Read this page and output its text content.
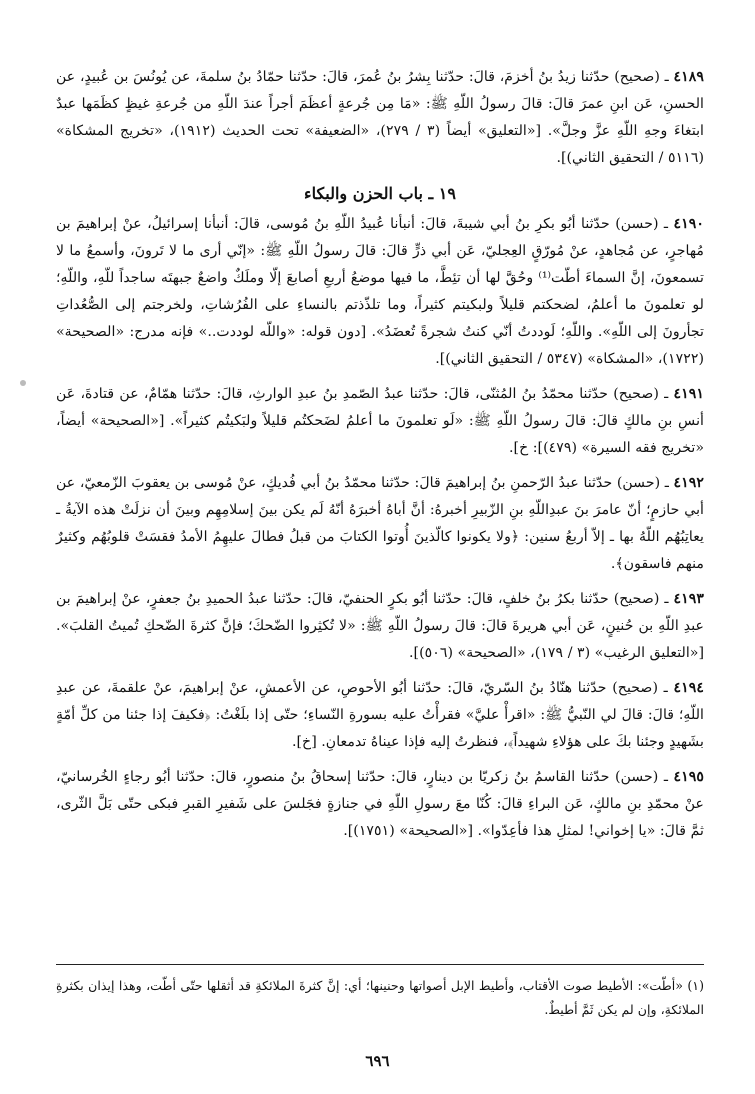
٤١٨٩ ـ (صحيح) حدّثنا زيدُ بنُ أخزمَ، قالَ: حدّثنا بِشرُ بنُ عُمرَ، قالَ: حدّثنا حمّادُ بنُ سلمةَ، عن يُونُسَ بن عُبيدٍ، عن الحسنِ، عَن ابنِ عمرَ قالَ: قالَ رسولُ اللّهِ ﷺ: «مَا مِن جُرعةٍ أعظَمَ أجراً عندَ اللّهِ من جُرعةِ غيظٍ كظَمَها عبدٌ ابتغاءَ وجهِ اللّهِ عزَّ وجلَّ». [«التعليق» أيضاً (٣ / ٢٧٩)، «الضعيفة» تحت الحديث (١٩١٢)، «تخريج المشكاة» (٥١١٦ / التحقيق الثاني)].

١٩ ـ باب الحزن والبكاء

٤١٩٠ ـ (حسن) حدّثنا أبُو بكرِ بنُ أبي شيبةَ، قالَ: أنبأنا عُبيدُ اللّهِ بنُ مُوسى، قالَ: أنبأنا إسرائيلُ، عنْ إبراهيمَ بن مُهاجرٍ، عن مُجاهدٍ، عنْ مُورّقٍ العِجليّ، عَن أبي ذرٍّ قالَ: قالَ رسولُ اللّهِ ﷺ: «إنّي أرى ما لا تَرونَ، وأسمعُ ما لا تسمعونَ، إنَّ السماءَ أطّت⁽¹⁾ وحُقَّ لها أن تئِطَّ، ما فيها موضعُ أربعِ أصابعَ إلّا وملَكٌ واضعٌ جبهتَه ساجداً للّهِ، واللّهِ؛ لو تعلمونَ ما أعلمُ، لضحكتم قليلاً ولبكيتم كثيراً، وما تلذّذتم بالنساءِ على الفُرُشاتِ، ولخرجتم إلى الصُّعُداتِ تجأرونَ إلى اللّهِ». واللّهِ؛ لَوددتُ أنّي كنتُ شجرةً تُعضَدُ». [دون قوله: «واللّه لوددت..» فإنه مدرج: «الصحيحة» (١٧٢٢)، «المشكاة» (٥٣٤٧ / التحقيق الثاني)].

٤١٩١ ـ (صحيح) حدّثنا محمّدُ بنُ المُثنّى، قالَ: حدّثنا عبدُ الصّمدِ بنُ عبدِ الوارثِ، قالَ: حدّثنا همّامٌ، عن قتادةَ، عَن أنسِ بنِ مالكٍ قالَ: قالَ رسولُ اللّهِ ﷺ: «لَو تعلمونَ ما أعلمُ لضَحكتُم قليلاً ولبَكيتُم كثيراً». [«الصحيحة» أيضاً، «تخريج فقه السيرة» (٤٧٩)]: خ].

٤١٩٢ ـ (حسن) حدّثنا عبدُ الرّحمنِ بنُ إبراهيمَ قالَ: حدّثنا محمّدُ بنُ أبي فُديكٍ، عنْ مُوسى بن يعقوبَ الزّمعيّ، عن أبي حازمٍ؛ أنّ عامرَ بنَ عبدِاللّهِ بنِ الزّبيرِ أخبرهُ: أنَّ أباهُ أخبرَهُ أنّهُ لَم يكن بينَ إسلامِهِم وبينَ أن نزلَتْ هذه الآيةُ ـ يعاتِبُهُم اللّهُ بها ـ إلاّ أربعُ سنين: ﴿ولا يكونوا كالّذينَ أُوتوا الكتابَ من قبلُ فطالَ عليهِمُ الأمدُ فقسَتْ قلوبُهُم وكثيرٌ منهم فاسقون﴾.

٤١٩٣ ـ (صحيح) حدّثنا بكرُ بنُ خلفٍ، قالَ: حدّثنا أبُو بكرٍ الحنفيّ، قالَ: حدّثنا عبدُ الحميدِ بنُ جعفرٍ، عنْ إبراهيمَ بن عبدِ اللّهِ بن حُنينٍ، عَن أبي هريرةَ قالَ: قالَ رسولُ اللّهِ ﷺ: «لا تُكثِروا الضّحكَ؛ فإنَّ كثرةَ الضّحكِ تُميتُ القلبَ». [«التعليق الرغيب» (٣ / ١٧٩)، «الصحيحة» (٥٠٦)].

٤١٩٤ ـ (صحيح) حدّثنا هنّادُ بنُ السّريّ، قالَ: حدّثنا أبُو الأحوصِ، عن الأعمشِ، عنْ إبراهيمَ، عنْ علقمةَ، عن عبدِ اللّهِ؛ قالَ: قالَ لي النّبيُّ ﷺ: «اقرأْ عليَّ» فقرأْتُ عليه بسورةِ النّساءِ؛ حتّى إذا بلَغْتُ: ﴿فكيفَ إذا جئنا من كلِّ أمّةٍ بشَهيدٍ وجئنا بكَ على هؤلاءِ شهيداً﴾، فنظرتُ إليه فإذا عيناهُ تدمعانِ. [خ].

٤١٩٥ ـ (حسن) حدّثنا القاسمُ بنُ زكريّا بن دينارٍ، قالَ: حدّثنا إسحاقُ بنُ منصورٍ، قالَ: حدّثنا أبُو رجاءٍ الخُرسانيّ، عنْ محمّدِ بنِ مالكٍ، عَن البراءِ قالَ: كُنّا معَ رسولِ اللّهِ في جنازةٍ فجَلسَ على شَفيرِ القبرِ فبكى حتّى بَلَّ الثّرى، ثمَّ قالَ: «يا إخواني! لمثلِ هذا فأعِدّوا». [«الصحيحة» (١٧٥١)].

(١) «أطّت»: الأطيط صوت الأقتاب، وأطيط الإبل أصواتها وحنينها؛ أي: إنَّ كثرةَ الملائكةِ قد أثقلها حتّى أطّت، وهذا إيذان بكثرةِ الملائكةِ، وإن لم يكن ثَمَّ أطيطٌ.
٦٩٦
